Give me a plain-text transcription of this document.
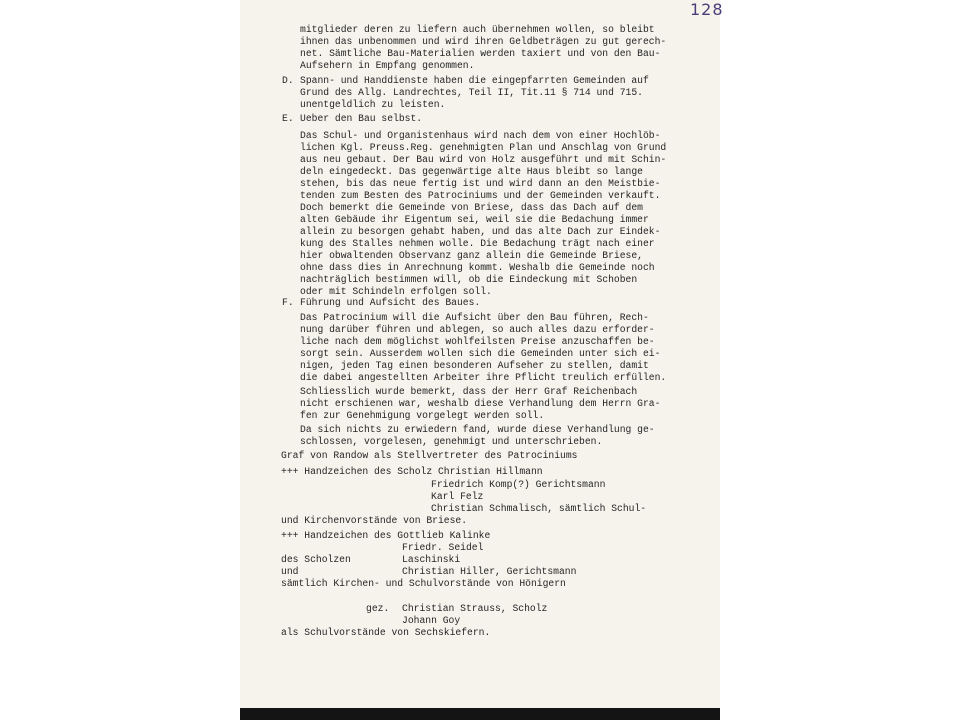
128
mitglieder deren zu liefern auch übernehmen wollen, so bleibt
ihnen das unbenommen und wird ihren Geldbeträgen zu gut gerech-
net. Sämtliche Bau-Materialien werden taxiert und von den Bau-
Aufsehern in Empfang genommen.
D. Spann- und Handdienste haben die eingepfarrten Gemeinden auf
Grund des Allg. Landrechtes, Teil II, Tit.11 § 714 und 715.
unentgeldlich zu leisten.
E. Ueber den Bau selbst.
Das Schul- und Organistenhaus wird nach dem von einer Hochlöb-
lichen Kgl. Preuss.Reg. genehmigten Plan und Anschlag von Grund
aus neu gebaut. Der Bau wird von Holz ausgeführt und mit Schin-
deln eingedeckt. Das gegenwärtige alte Haus bleibt so lange
stehen, bis das neue fertig ist und wird dann an den Meistbie-
tenden zum Besten des Patrociniums und der Gemeinden verkauft.
Doch bemerkt die Gemeinde von Briese, dass das Dach auf dem
alten Gebäude ihr Eigentum sei, weil sie die Bedachung immer
allein zu besorgen gehabt haben, und das alte Dach zur Eindek-
kung des Stalles nehmen wolle. Die Bedachung trägt nach einer
hier obwaltenden Observanz ganz allein die Gemeinde Briese,
ohne dass dies in Anrechnung kommt. Weshalb die Gemeinde noch
nachträglich bestimmen will, ob die Eindeckung mit Schoben
oder mit Schindeln erfolgen soll.
F. Führung und Aufsicht des Baues.
Das Patrocinium will die Aufsicht über den Bau führen, Rech-
nung darüber führen und ablegen, so auch alles dazu erforder-
liche nach dem möglichst wohlfeilsten Preise anzuschaffen be-
sorgt sein. Ausserdem wollen sich die Gemeinden unter sich ei-
nigen, jeden Tag einen besonderen Aufseher zu stellen, damit
die dabei angestellten Arbeiter ihre Pflicht treulich erfüllen.
Schliesslich wurde bemerkt, dass der Herr Graf Reichenbach
nicht erschienen war, weshalb diese Verhandlung dem Herrn Gra-
fen zur Genehmigung vorgelegt werden soll.
Da sich nichts zu erwiedern fand, wurde diese Verhandlung ge-
schlossen, vorgelesen, genehmigt und unterschrieben.
Graf von Randow als Stellvertreter des Patrociniums
+++ Handzeichen des Scholz Christian Hillmann
Friedrich Komp(?) Gerichtsmann
Karl Felz
Christian Schmalisch, sämtlich Schul-
und Kirchenvorstände von Briese.
+++ Handzeichen des Gottlieb Kalinke
Friedr. Seidel
des Scholzen	Laschinski
und	Christian Hiller, Gerichtsmann
sämtlich Kirchen- und Schulvorstände von Hönigern
gez. Christian Strauss, Scholz
Johann Goy
als Schulvorstände von Sechskiefern.
